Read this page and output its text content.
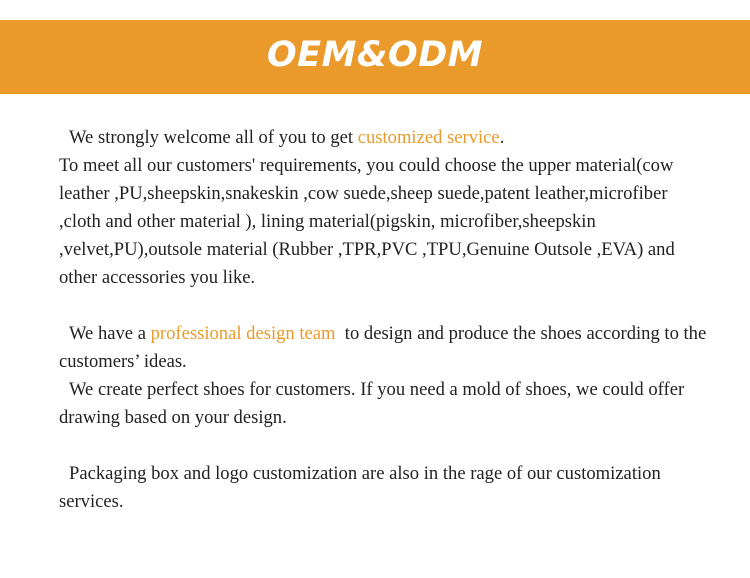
OEM&ODM

We strongly welcome all of you to get customized service.

To meet all our customers' requirements, you could choose the upper material(cow leather ,PU,sheepskin,snakeskin ,cow suede,sheep suede,patent leather,microfiber ,cloth and other material ), lining material(pigskin, microfiber,sheepskin ,velvet,PU),outsole material (Rubber ,TPR,PVC ,TPU,Genuine Outsole ,EVA) and other accessories you like.

We have a professional design team  to design and produce the shoes according to the customers’ ideas.

We create perfect shoes for customers. If you need a mold of shoes, we could offer drawing based on your design.

Packaging box and logo customization are also in the rage of our customization services.
